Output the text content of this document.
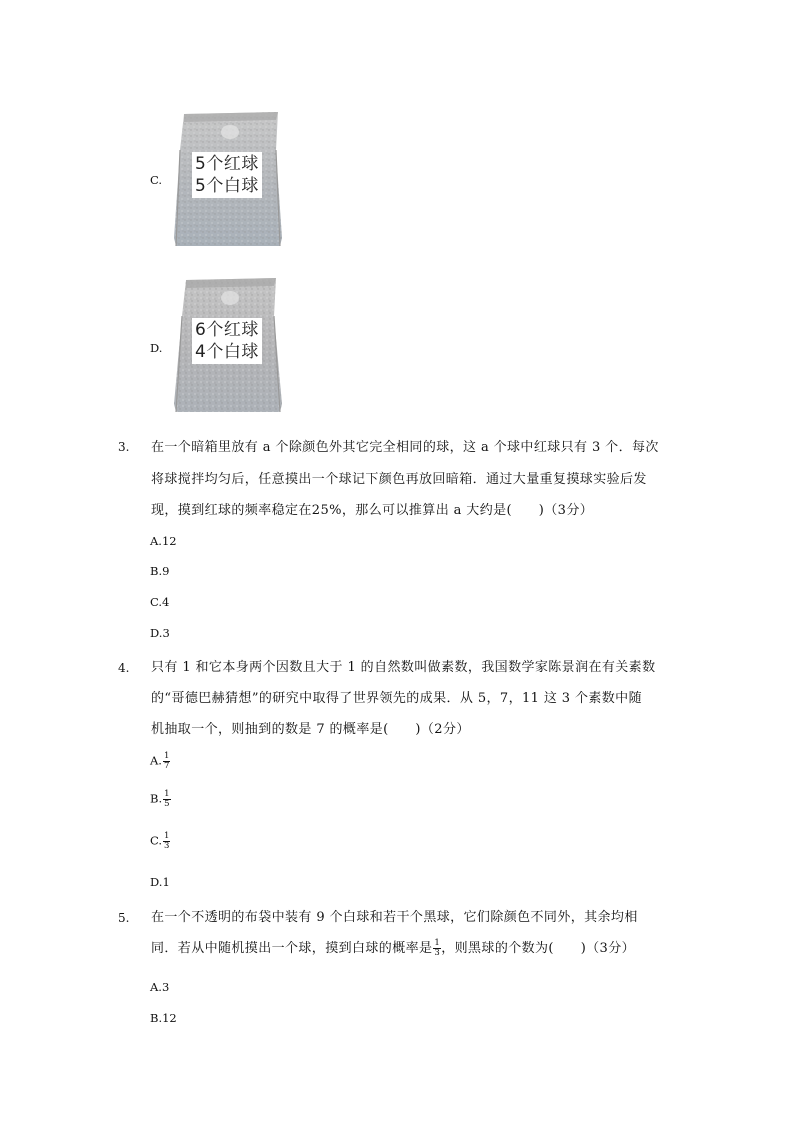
C.
5个红球
5个白球
D.
6个红球
4个白球
3. 在一个暗箱里放有 a 个除颜色外其它完全相同的球，这 a 个球中红球只有 3 个．每次
将球搅拌均匀后，任意摸出一个球记下颜色再放回暗箱．通过大量重复摸球实验后发
现，摸到红球的频率稳定在25%，那么可以推算出 a 大约是(　　)（3分）
A.12
B.9
C.4
D.3
4. 只有 1 和它本身两个因数且大于 1 的自然数叫做素数，我国数学家陈景润在有关素数
的“哥德巴赫猜想”的研究中取得了世界领先的成果．从 5，7，11 这 3 个素数中随
机抽取一个，则抽到的数是 7 的概率是(　　)（2分）
A. $\frac{1}{7}$
B. $\frac{1}{5}$
C. $\frac{1}{3}$
D.1
5. 在一个不透明的布袋中装有 9 个白球和若干个黑球，它们除颜色不同外，其余均相
同．若从中随机摸出一个球，摸到白球的概率是 $\frac{1}{3}$ ，则黑球的个数为(　　)（3分）
A.3
B.12
